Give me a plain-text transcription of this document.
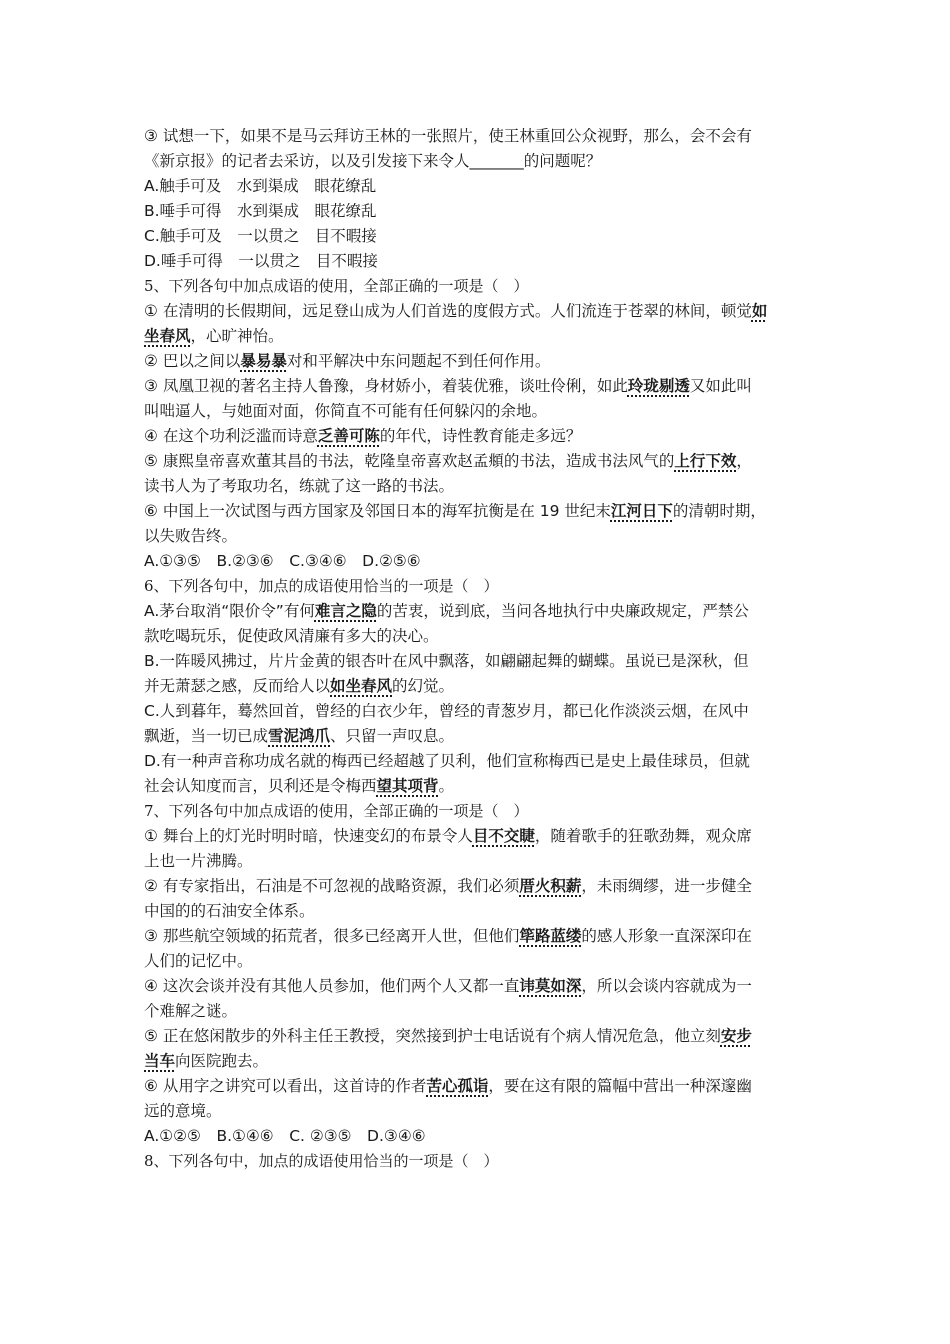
③ 试想一下，如果不是马云拜访王林的一张照片，使王林重回公众视野，那么，会不会有
《新京报》的记者去采访，以及引发接下来令人_______的问题呢？
A.触手可及　水到渠成　眼花缭乱
B.唾手可得　水到渠成　眼花缭乱
C.触手可及　一以贯之　目不暇接
D.唾手可得　一以贯之　目不暇接
5、下列各句中加点成语的使用，全部正确的一项是（　）
① 在清明的长假期间，远足登山成为人们首选的度假方式。人们流连于苍翠的林间，顿觉如
坐春风，心旷神怡。
② 巴以之间以暴易暴对和平解决中东问题起不到任何作用。
③ 凤凰卫视的著名主持人鲁豫，身材娇小，着装优雅，谈吐伶俐，如此玲珑剔透又如此叫
叫咄逼人，与她面对面，你简直不可能有任何躲闪的余地。
④ 在这个功利泛滥而诗意乏善可陈的年代，诗性教育能走多远？
⑤ 康熙皇帝喜欢董其昌的书法，乾隆皇帝喜欢赵孟頫的书法，造成书法风气的上行下效，
读书人为了考取功名，练就了这一路的书法。
⑥ 中国上一次试图与西方国家及邻国日本的海军抗衡是在 19 世纪末江河日下的清朝时期，
以失败告终。
A.①③⑤　B.②③⑥　C.③④⑥　D.②⑤⑥
6、下列各句中，加点的成语使用恰当的一项是（　）
A.茅台取消“限价令”有何难言之隐的苦衷，说到底，当问各地执行中央廉政规定，严禁公
款吃喝玩乐，促使政风清廉有多大的决心。
B.一阵暖风拂过，片片金黄的银杏叶在风中飘落，如翩翩起舞的蝴蝶。虽说已是深秋，但
并无萧瑟之感，反而给人以如坐春风的幻觉。
C.人到暮年，蓦然回首，曾经的白衣少年，曾经的青葱岁月，都已化作淡淡云烟，在风中
飘逝，当一切已成雪泥鸿爪、只留一声叹息。
D.有一种声音称功成名就的梅西已经超越了贝利，他们宣称梅西已是史上最佳球员，但就
社会认知度而言，贝利还是令梅西望其项背。
7、下列各句中加点成语的使用，全部正确的一项是（　）
① 舞台上的灯光时明时暗，快速变幻的布景令人目不交睫，随着歌手的狂歌劲舞，观众席
上也一片沸腾。
② 有专家指出，石油是不可忽视的战略资源，我们必须厝火积薪，未雨绸缪，进一步健全
中国的的石油安全体系。
③ 那些航空领域的拓荒者，很多已经离开人世，但他们筚路蓝缕的感人形象一直深深印在
人们的记忆中。
④ 这次会谈并没有其他人员参加，他们两个人又都一直讳莫如深，所以会谈内容就成为一
个难解之谜。
⑤ 正在悠闲散步的外科主任王教授，突然接到护士电话说有个病人情况危急，他立刻安步
当车向医院跑去。
⑥ 从用字之讲究可以看出，这首诗的作者苦心孤诣，要在这有限的篇幅中营出一种深邃幽
远的意境。
A.①②⑤　B.①④⑥　C. ②③⑤　D.③④⑥
8、下列各句中，加点的成语使用恰当的一项是（　）
